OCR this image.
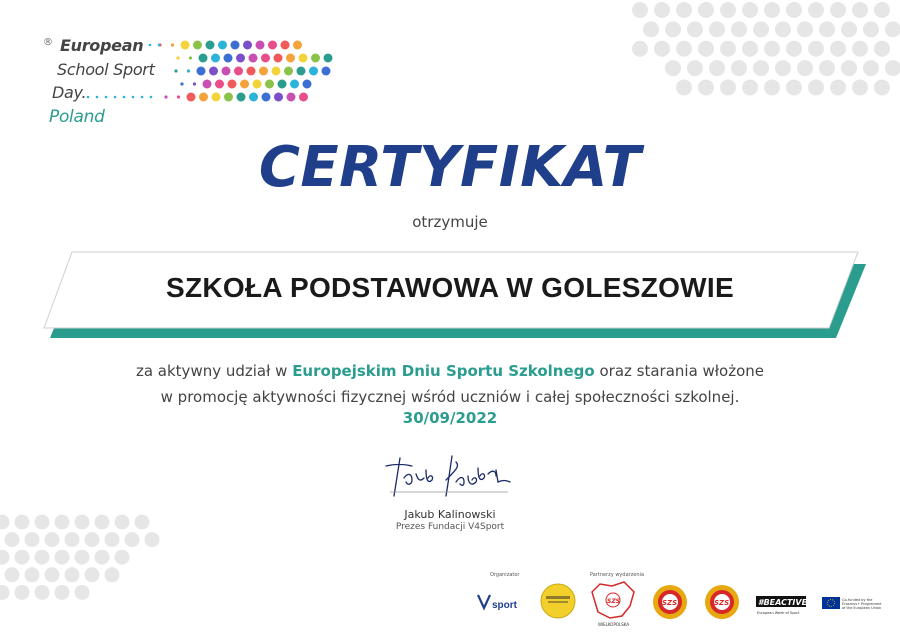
® European
School Sport
Day.
Poland
CERTYFIKAT
otrzymuje
SZKOŁA PODSTAWOWA W GOLESZOWIE
za aktywny udział w Europejskim Dniu Sportu Szkolnego oraz starania włożone
w promocję aktywności fizycznej wśród uczniów i całej społeczności szkolnej.
30/09/2022
Jakub Kalinowski
Prezes Fundacji V4Sport
Organizator	Partnerzy wydarzenia
sport	SZS
WIELKOPOLSKA
SZS	SZS	#BEACTIVE
European Week of Sport
Co-funded by the
Erasmus+ Programme
of the European Union
